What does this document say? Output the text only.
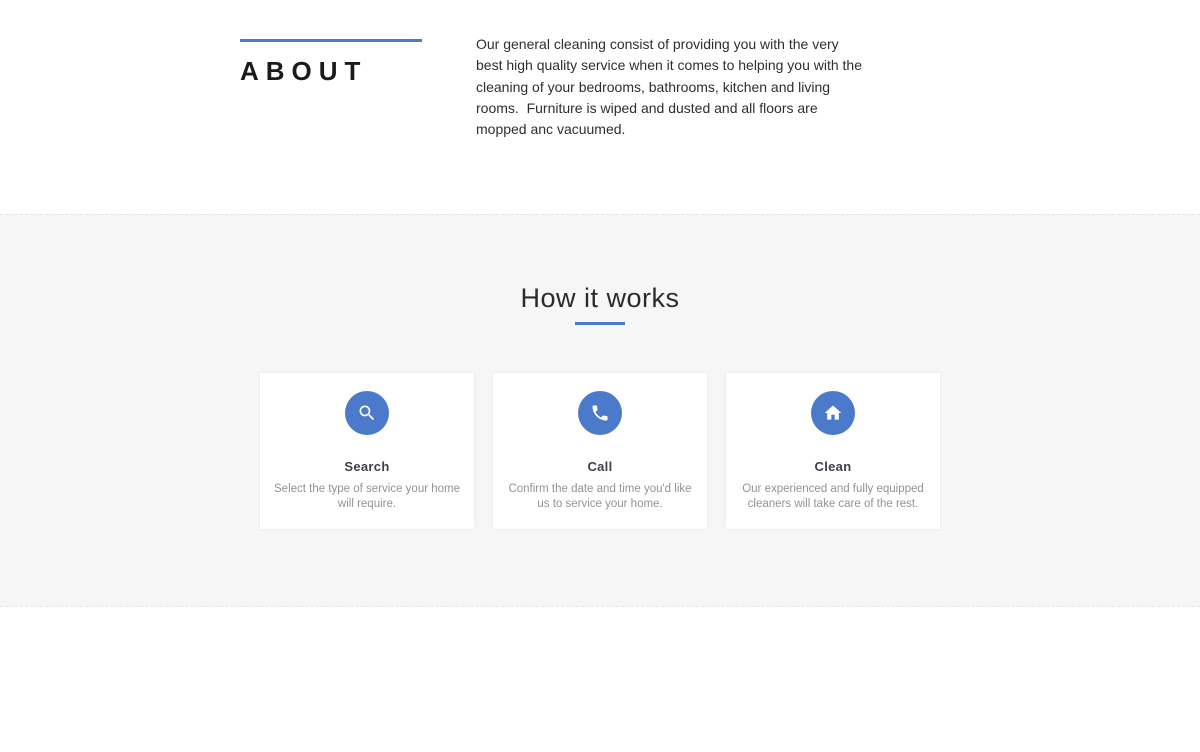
ABOUT

Our general cleaning consist of providing you with the very best high quality service when it comes to helping you with the cleaning of your bedrooms, bathrooms, kitchen and living rooms.  Furniture is wiped and dusted and all floors are mopped anc vacuumed.

How it works
Search
Select the type of service your home will require.
Call
Confirm the date and time you'd like us to service your home.
Clean
Our experienced and fully equipped cleaners will take care of the rest.
